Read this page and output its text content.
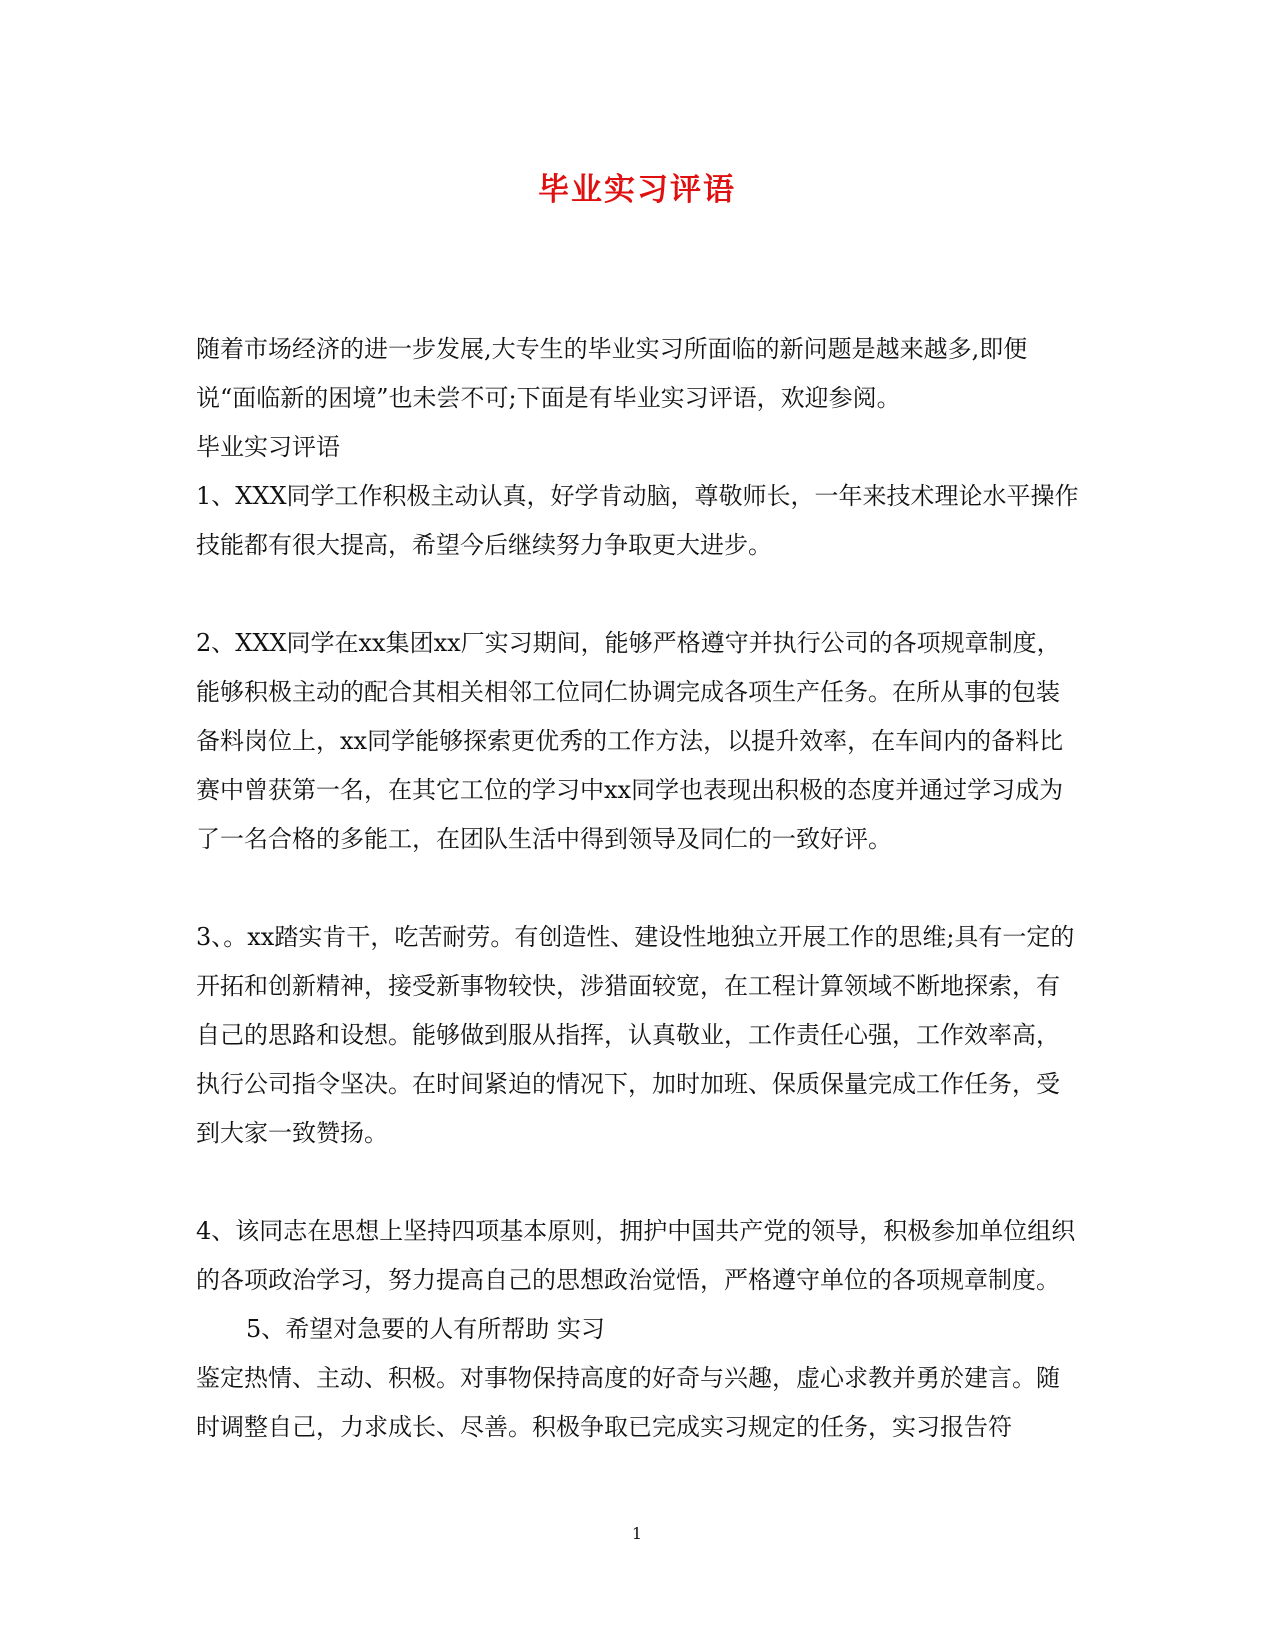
毕业实习评语

随着市场经济的进一步发展,大专生的毕业实习所面临的新问题是越来越多,即便说“面临新的困境”也未尝不可;下面是有毕业实习评语，欢迎参阅。

毕业实习评语

1、XXX同学工作积极主动认真，好学肯动脑，尊敬师长，一年来技术理论水平操作技能都有很大提高，希望今后继续努力争取更大进步。

2、XXX同学在xx集团xx厂实习期间，能够严格遵守并执行公司的各项规章制度，能够积极主动的配合其相关相邻工位同仁协调完成各项生产任务。在所从事的包装备料岗位上，xx同学能够探索更优秀的工作方法，以提升效率，在车间内的备料比赛中曾获第一名，在其它工位的学习中xx同学也表现出积极的态度并通过学习成为了一名合格的多能工，在团队生活中得到领导及同仁的一致好评。

3、。xx踏实肯干，吃苦耐劳。有创造性、建设性地独立开展工作的思维;具有一定的开拓和创新精神，接受新事物较快，涉猎面较宽，在工程计算领域不断地探索，有自己的思路和设想。能够做到服从指挥，认真敬业，工作责任心强，工作效率高，执行公司指令坚决。在时间紧迫的情况下，加时加班、保质保量完成工作任务，受到大家一致赞扬。

4、该同志在思想上坚持四项基本原则，拥护中国共产党的领导，积极参加单位组织的各项政治学习，努力提高自己的思想政治觉悟，严格遵守单位的各项规章制度。

5、希望对急要的人有所帮助 实习

鉴定热情、主动、积极。对事物保持高度的好奇与兴趣，虚心求教并勇於建言。随时调整自己，力求成长、尽善。积极争取已完成实习规定的任务，实习报告符

1
